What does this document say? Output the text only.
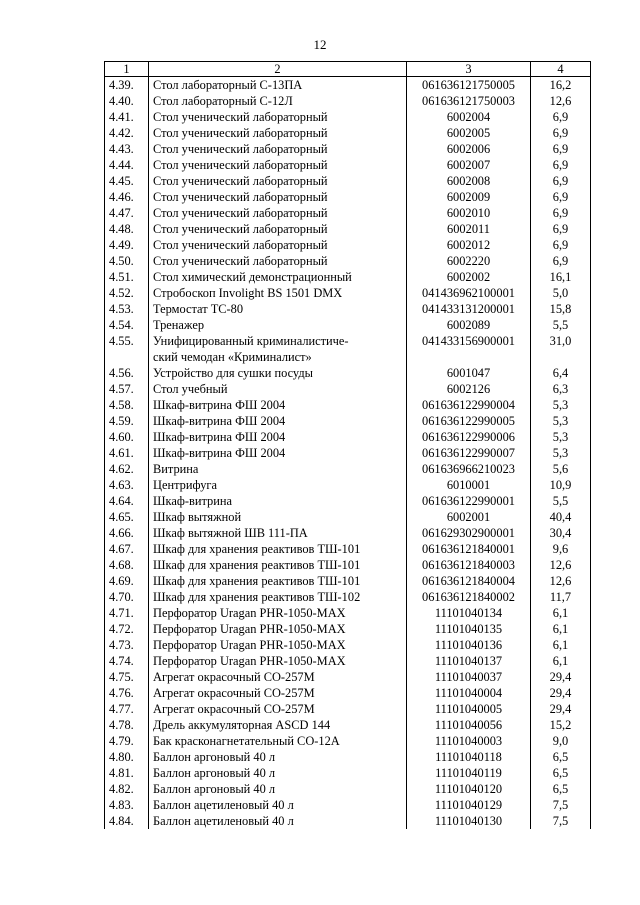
12
1	2	3	4
4.39.	Стол лабораторный С-13ПА	061636121750005	16,2
4.40.	Стол лабораторный С-12Л	061636121750003	12,6
4.41.	Стол ученический лабораторный	6002004	6,9
4.42.	Стол ученический лабораторный	6002005	6,9
4.43.	Стол ученический лабораторный	6002006	6,9
4.44.	Стол ученический лабораторный	6002007	6,9
4.45.	Стол ученический лабораторный	6002008	6,9
4.46.	Стол ученический лабораторный	6002009	6,9
4.47.	Стол ученический лабораторный	6002010	6,9
4.48.	Стол ученический лабораторный	6002011	6,9
4.49.	Стол ученический лабораторный	6002012	6,9
4.50.	Стол ученический лабораторный	6002220	6,9
4.51.	Стол химический демонстрационный	6002002	16,1
4.52.	Стробоскоп Involight BS 1501 DMX	041436962100001	5,0
4.53.	Термостат ТС-80	041433131200001	15,8
4.54.	Тренажер	6002089	5,5
4.55.	Унифицированный криминалистиче-
ский чемодан «Криминалист»	041433156900001	31,0
4.56.	Устройство для сушки посуды	6001047	6,4
4.57.	Стол учебный	6002126	6,3
4.58.	Шкаф-витрина ФШ 2004	061636122990004	5,3
4.59.	Шкаф-витрина ФШ 2004	061636122990005	5,3
4.60.	Шкаф-витрина ФШ 2004	061636122990006	5,3
4.61.	Шкаф-витрина ФШ 2004	061636122990007	5,3
4.62.	Витрина	061636966210023	5,6
4.63.	Центрифуга	6010001	10,9
4.64.	Шкаф-витрина	061636122990001	5,5
4.65.	Шкаф вытяжной	6002001	40,4
4.66.	Шкаф вытяжной ШВ 111-ПА	061629302900001	30,4
4.67.	Шкаф для хранения реактивов ТШ-101	061636121840001	9,6
4.68.	Шкаф для хранения реактивов ТШ-101	061636121840003	12,6
4.69.	Шкаф для хранения реактивов ТШ-101	061636121840004	12,6
4.70.	Шкаф для хранения реактивов ТШ-102	061636121840002	11,7
4.71.	Перфоратор Uragan PHR-1050-MAX	11101040134	6,1
4.72.	Перфоратор Uragan PHR-1050-MAX	11101040135	6,1
4.73.	Перфоратор Uragan PHR-1050-MAX	11101040136	6,1
4.74.	Перфоратор Uragan PHR-1050-MAX	11101040137	6,1
4.75.	Агрегат окрасочный СО-257М	11101040037	29,4
4.76.	Агрегат окрасочный СО-257М	11101040004	29,4
4.77.	Агрегат окрасочный СО-257М	11101040005	29,4
4.78.	Дрель аккумуляторная ASCD 144	11101040056	15,2
4.79.	Бак красконагнетательный СО-12А	11101040003	9,0
4.80.	Баллон аргоновый 40 л	11101040118	6,5
4.81.	Баллон аргоновый 40 л	11101040119	6,5
4.82.	Баллон аргоновый 40 л	11101040120	6,5
4.83.	Баллон ацетиленовый 40 л	11101040129	7,5
4.84.	Баллон ацетиленовый 40 л	11101040130	7,5
